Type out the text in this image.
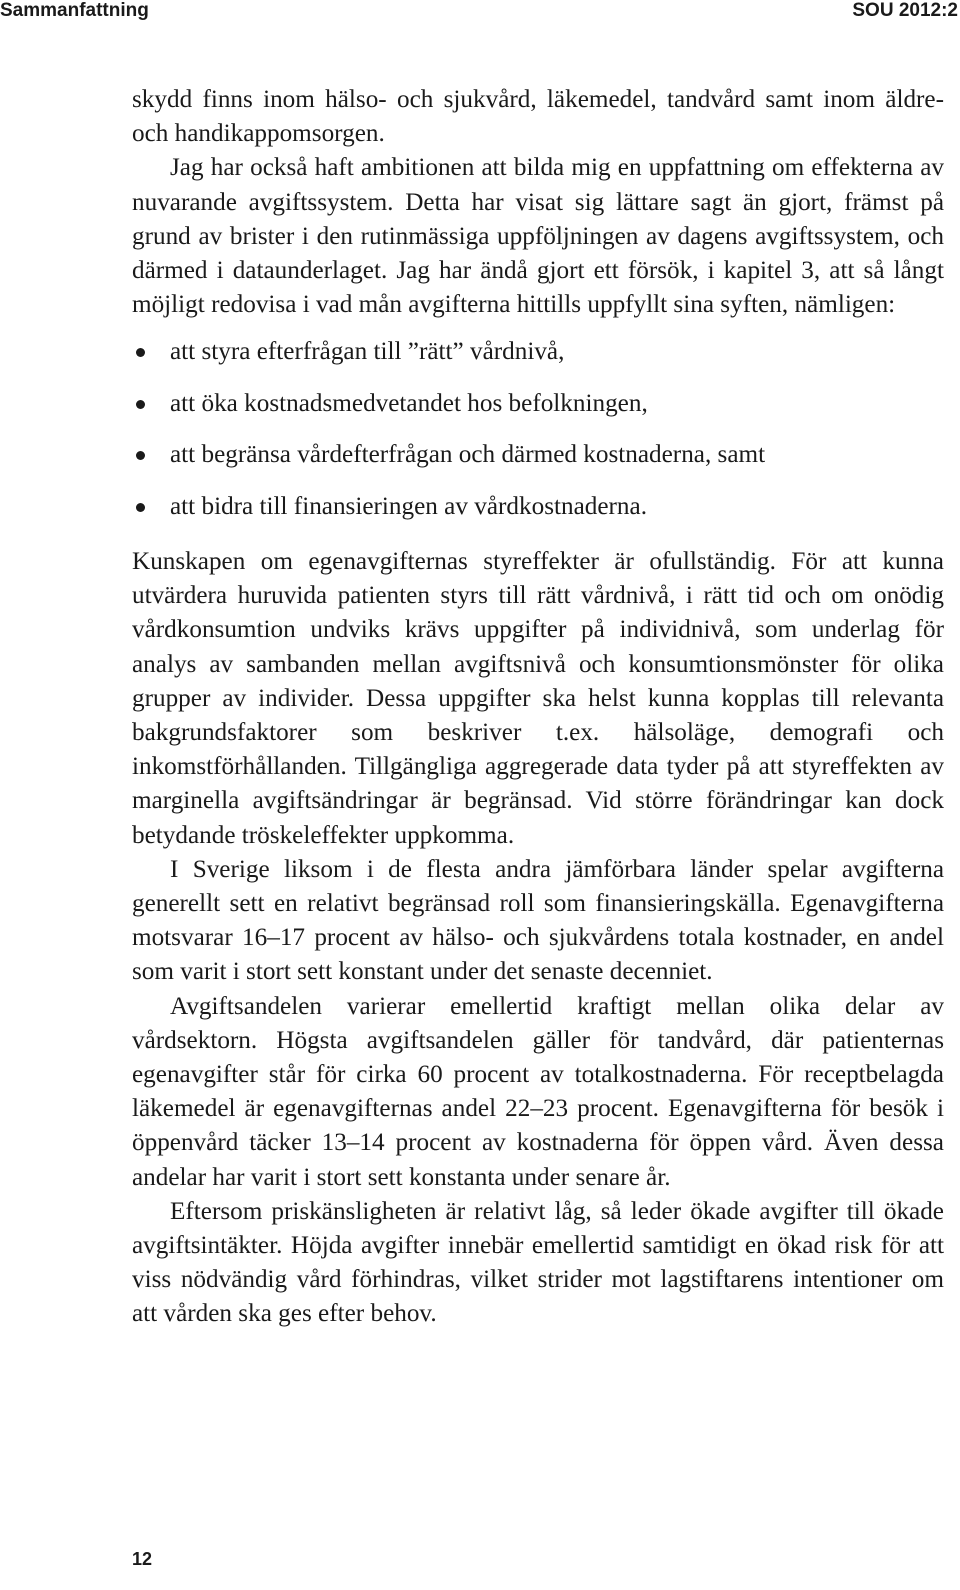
Sammanfattning	SOU 2012:2

skydd finns inom hälso- och sjukvård, läkemedel, tandvård samt inom äldre- och handikappomsorgen.

Jag har också haft ambitionen att bilda mig en uppfattning om effekterna av nuvarande avgiftssystem. Detta har visat sig lättare sagt än gjort, främst på grund av brister i den rutinmässiga uppföljningen av dagens avgiftssystem, och därmed i dataunderlaget. Jag har ändå gjort ett försök, i kapitel 3, att så långt möjligt redovisa i vad mån avgifterna hittills uppfyllt sina syften, nämligen:

att styra efterfrågan till ”rätt” vårdnivå,
att öka kostnadsmedvetandet hos befolkningen,
att begränsa vårdefterfrågan och därmed kostnaderna, samt
att bidra till finansieringen av vårdkostnaderna.

Kunskapen om egenavgifternas styreffekter är ofullständig. För att kunna utvärdera huruvida patienten styrs till rätt vårdnivå, i rätt tid och om onödig vårdkonsumtion undviks krävs uppgifter på individnivå, som underlag för analys av sambanden mellan avgiftsnivå och konsumtionsmönster för olika grupper av individer. Dessa uppgifter ska helst kunna kopplas till relevanta bakgrundsfaktorer som beskriver t.ex. hälsoläge, demografi och inkomstförhållanden. Tillgängliga aggregerade data tyder på att styreffekten av marginella avgiftsändringar är begränsad. Vid större förändringar kan dock betydande tröskeleffekter uppkomma.

I Sverige liksom i de flesta andra jämförbara länder spelar avgifterna generellt sett en relativt begränsad roll som finansieringskälla. Egenavgifterna motsvarar 16–17 procent av hälso- och sjukvårdens totala kostnader, en andel som varit i stort sett konstant under det senaste decenniet.

Avgiftsandelen varierar emellertid kraftigt mellan olika delar av vårdsektorn. Högsta avgiftsandelen gäller för tandvård, där patienternas egenavgifter står för cirka 60 procent av totalkostnaderna. För receptbelagda läkemedel är egenavgifternas andel 22–23 procent. Egenavgifterna för besök i öppenvård täcker 13–14 procent av kostnaderna för öppen vård. Även dessa andelar har varit i stort sett konstanta under senare år.

Eftersom priskänsligheten är relativt låg, så leder ökade avgifter till ökade avgiftsintäkter. Höjda avgifter innebär emellertid samtidigt en ökad risk för att viss nödvändig vård förhindras, vilket strider mot lagstiftarens intentioner om att vården ska ges efter behov.

12
